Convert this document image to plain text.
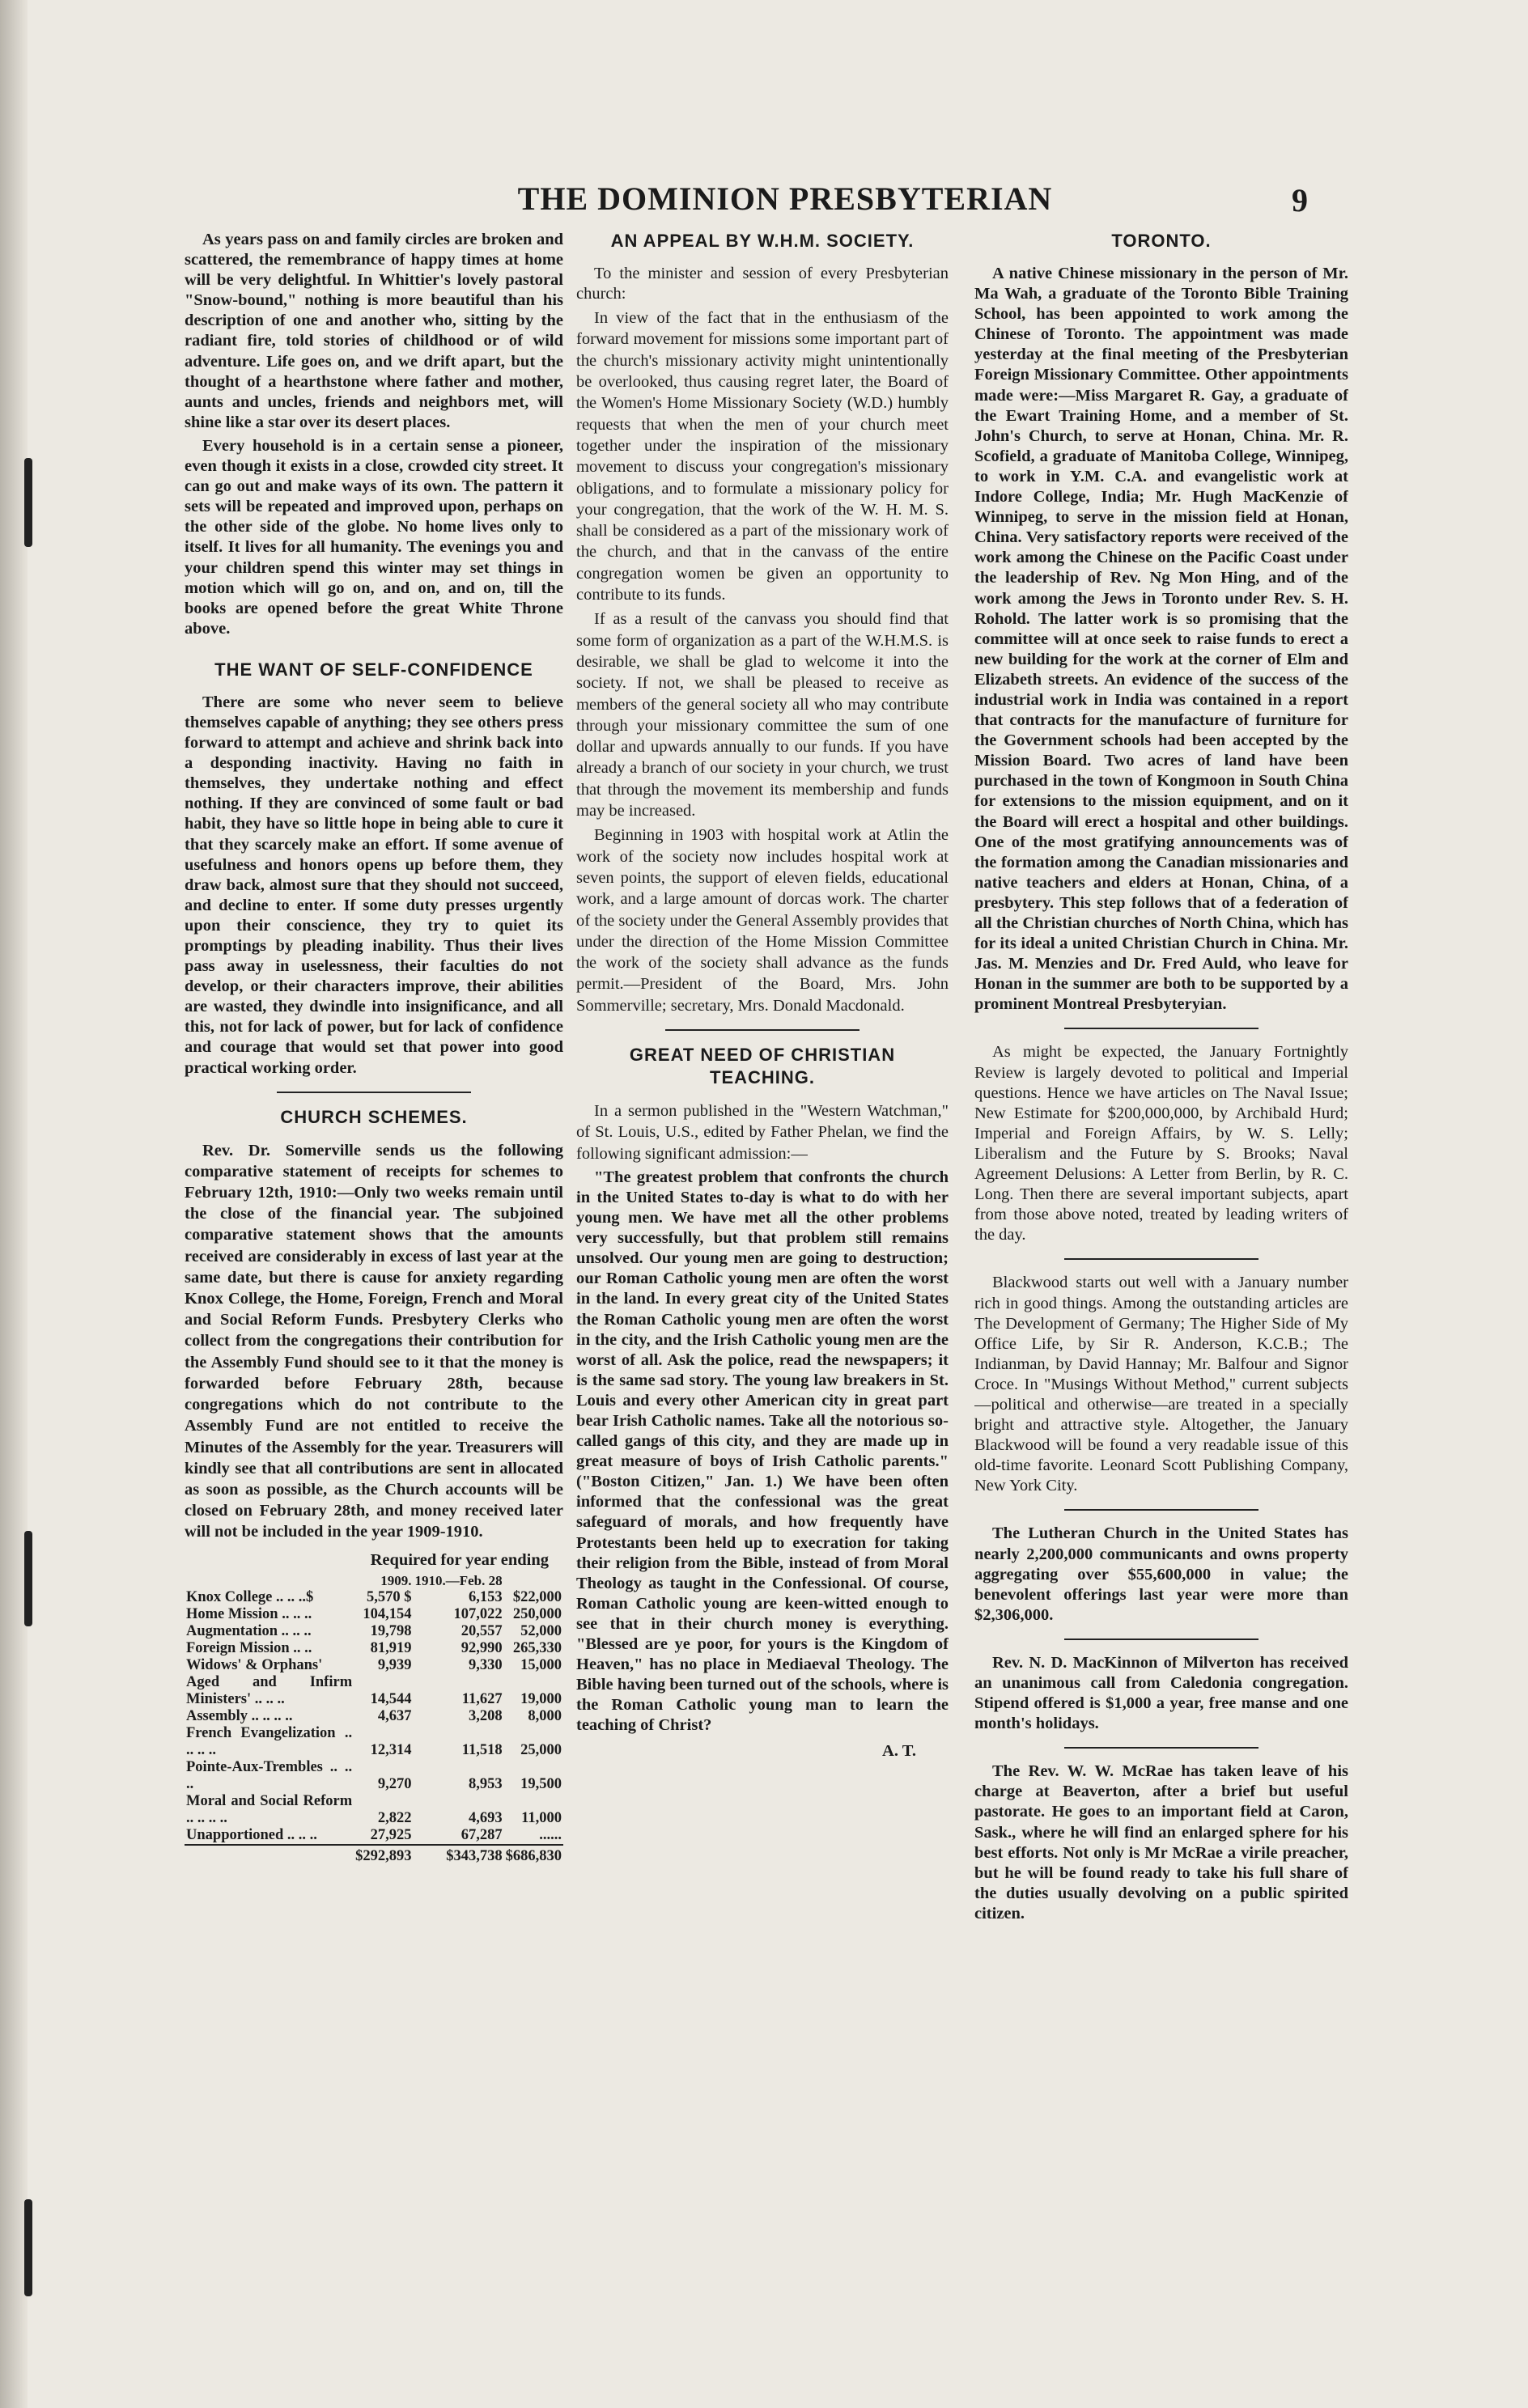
THE DOMINION PRESBYTERIAN	9

As years pass on and family circles are broken and scattered, the remembrance of happy times at home will be very delightful. In Whittier's lovely pastoral "Snow-bound," nothing is more beautiful than his description of one and another who, sitting by the radiant fire, told stories of childhood or of wild adventure. Life goes on, and we drift apart, but the thought of a hearthstone where father and mother, aunts and uncles, friends and neighbors met, will shine like a star over its desert places.

Every household is in a certain sense a pioneer, even though it exists in a close, crowded city street. It can go out and make ways of its own. The pattern it sets will be repeated and improved upon, perhaps on the other side of the globe. No home lives only to itself. It lives for all humanity. The evenings you and your children spend this winter may set things in motion which will go on, and on, and on, till the books are opened before the great White Throne above.

THE WANT OF SELF-CONFIDENCE

There are some who never seem to believe themselves capable of anything; they see others press forward to attempt and achieve and shrink back into a desponding inactivity. Having no faith in themselves, they undertake nothing and effect nothing. If they are convinced of some fault or bad habit, they have so little hope in being able to cure it that they scarcely make an effort. If some avenue of usefulness and honors opens up before them, they draw back, almost sure that they should not succeed, and decline to enter. If some duty presses urgently upon their conscience, they try to quiet its promptings by pleading inability. Thus their lives pass away in uselessness, their faculties do not develop, or their characters improve, their abilities are wasted, they dwindle into insignificance, and all this, not for lack of power, but for lack of confidence and courage that would set that power into good practical working order.

CHURCH SCHEMES.

Rev. Dr. Somerville sends us the following comparative statement of receipts for schemes to February 12th, 1910:—Only two weeks remain until the close of the financial year. The subjoined comparative statement shows that the amounts received are considerably in excess of last year at the same date, but there is cause for anxiety regarding Knox College, the Home, Foreign, French and Moral and Social Reform Funds. Presbytery Clerks who collect from the congregations their contribution for the Assembly Fund should see to it that the money is forwarded before February 28th, because congregations which do not contribute to the Assembly Fund are not entitled to receive the Minutes of the Assembly for the year. Treasurers will kindly see that all contributions are sent in allocated as soon as possible, as the Church accounts will be closed on February 28th, and money received later will not be included in the year 1909-1910.

Required for year ending
	1909.	1910.—Feb. 28	
Knox College .. .. ..$	5,570 $	6,153	$22,000
Home Mission .. .. ..	104,154	107,022	250,000
Augmentation .. .. ..	19,798	20,557	52,000
Foreign Mission .. ..	81,919	92,990	265,330
Widows' & Orphans'	9,939	9,330	15,000
Aged and Infirm Ministers' .. .. ..	14,544	11,627	19,000
Assembly .. .. .. ..	4,637	3,208	8,000
French Evangelization .. .. .. ..	12,314	11,518	25,000
Pointe-Aux-Trembles .. .. ..	9,270	8,953	19,500
Moral and Social Reform .. .. .. ..	2,822	4,693	11,000
Unapportioned .. .. ..	27,925	67,287	......
	$292,893	$343,738	$686,830
AN APPEAL BY W.H.M. SOCIETY.

To the minister and session of every Presbyterian church:

In view of the fact that in the enthusiasm of the forward movement for missions some important part of the church's missionary activity might unintentionally be overlooked, thus causing regret later, the Board of the Women's Home Missionary Society (W.D.) humbly requests that when the men of your church meet together under the inspiration of the missionary movement to discuss your congregation's missionary obligations, and to formulate a missionary policy for your congregation, that the work of the W. H. M. S. shall be considered as a part of the missionary work of the church, and that in the canvass of the entire congregation women be given an opportunity to contribute to its funds.

If as a result of the canvass you should find that some form of organization as a part of the W.H.M.S. is desirable, we shall be glad to welcome it into the society. If not, we shall be pleased to receive as members of the general society all who may contribute through your missionary committee the sum of one dollar and upwards annually to our funds. If you have already a branch of our society in your church, we trust that through the movement its membership and funds may be increased.

Beginning in 1903 with hospital work at Atlin the work of the society now includes hospital work at seven points, the support of eleven fields, educational work, and a large amount of dorcas work. The charter of the society under the General Assembly provides that under the direction of the Home Mission Committee the work of the society shall advance as the funds permit.—President of the Board, Mrs. John Sommerville; secretary, Mrs. Donald Macdonald.

GREAT NEED OF CHRISTIAN TEACHING.

In a sermon published in the "Western Watchman," of St. Louis, U.S., edited by Father Phelan, we find the following significant admission:—

"The greatest problem that confronts the church in the United States to-day is what to do with her young men. We have met all the other problems very successfully, but that problem still remains unsolved. Our young men are going to destruction; our Roman Catholic young men are often the worst in the land. In every great city of the United States the Roman Catholic young men are often the worst in the city, and the Irish Catholic young men are the worst of all. Ask the police, read the newspapers; it is the same sad story. The young law breakers in St. Louis and every other American city in great part bear Irish Catholic names. Take all the notorious so-called gangs of this city, and they are made up in great measure of boys of Irish Catholic parents." ("Boston Citizen," Jan. 1.) We have been often informed that the confessional was the great safeguard of morals, and how frequently have Protestants been held up to execration for taking their religion from the Bible, instead of from Moral Theology as taught in the Confessional. Of course, Roman Catholic young are keen-witted enough to see that in their church money is everything. "Blessed are ye poor, for yours is the Kingdom of Heaven," has no place in Mediaeval Theology. The Bible having been turned out of the schools, where is the Roman Catholic young man to learn the teaching of Christ?

A. T.
TORONTO.

A native Chinese missionary in the person of Mr. Ma Wah, a graduate of the Toronto Bible Training School, has been appointed to work among the Chinese of Toronto. The appointment was made yesterday at the final meeting of the Presbyterian Foreign Missionary Committee. Other appointments made were:—Miss Margaret R. Gay, a graduate of the Ewart Training Home, and a member of St. John's Church, to serve at Honan, China. Mr. R. Scofield, a graduate of Manitoba College, Winnipeg, to work in Y.M. C.A. and evangelistic work at Indore College, India; Mr. Hugh MacKenzie of Winnipeg, to serve in the mission field at Honan, China. Very satisfactory reports were received of the work among the Chinese on the Pacific Coast under the leadership of Rev. Ng Mon Hing, and of the work among the Jews in Toronto under Rev. S. H. Rohold. The latter work is so promising that the committee will at once seek to raise funds to erect a new building for the work at the corner of Elm and Elizabeth streets. An evidence of the success of the industrial work in India was contained in a report that contracts for the manufacture of furniture for the Government schools had been accepted by the Mission Board. Two acres of land have been purchased in the town of Kongmoon in South China for extensions to the mission equipment, and on it the Board will erect a hospital and other buildings. One of the most gratifying announcements was of the formation among the Canadian missionaries and native teachers and elders at Honan, China, of a presbytery. This step follows that of a federation of all the Christian churches of North China, which has for its ideal a united Christian Church in China. Mr. Jas. M. Menzies and Dr. Fred Auld, who leave for Honan in the summer are both to be supported by a prominent Montreal Presbyteryian.

As might be expected, the January Fortnightly Review is largely devoted to political and Imperial questions. Hence we have articles on The Naval Issue; New Estimate for $200,000,000, by Archibald Hurd; Imperial and Foreign Affairs, by W. S. Lelly; Liberalism and the Future by S. Brooks; Naval Agreement Delusions: A Letter from Berlin, by R. C. Long. Then there are several important subjects, apart from those above noted, treated by leading writers of the day.

Blackwood starts out well with a January number rich in good things. Among the outstanding articles are The Development of Germany; The Higher Side of My Office Life, by Sir R. Anderson, K.C.B.; The Indianman, by David Hannay; Mr. Balfour and Signor Croce. In "Musings Without Method," current subjects—political and otherwise—are treated in a specially bright and attractive style. Altogether, the January Blackwood will be found a very readable issue of this old-time favorite. Leonard Scott Publishing Company, New York City.

The Lutheran Church in the United States has nearly 2,200,000 communicants and owns property aggregating over $55,600,000 in value; the benevolent offerings last year were more than $2,306,000.

Rev. N. D. MacKinnon of Milverton has received an unanimous call from Caledonia congregation. Stipend offered is $1,000 a year, free manse and one month's holidays.

The Rev. W. W. McRae has taken leave of his charge at Beaverton, after a brief but useful pastorate. He goes to an important field at Caron, Sask., where he will find an enlarged sphere for his best efforts. Not only is Mr McRae a virile preacher, but he will be found ready to take his full share of the duties usually devolving on a public spirited citizen.
